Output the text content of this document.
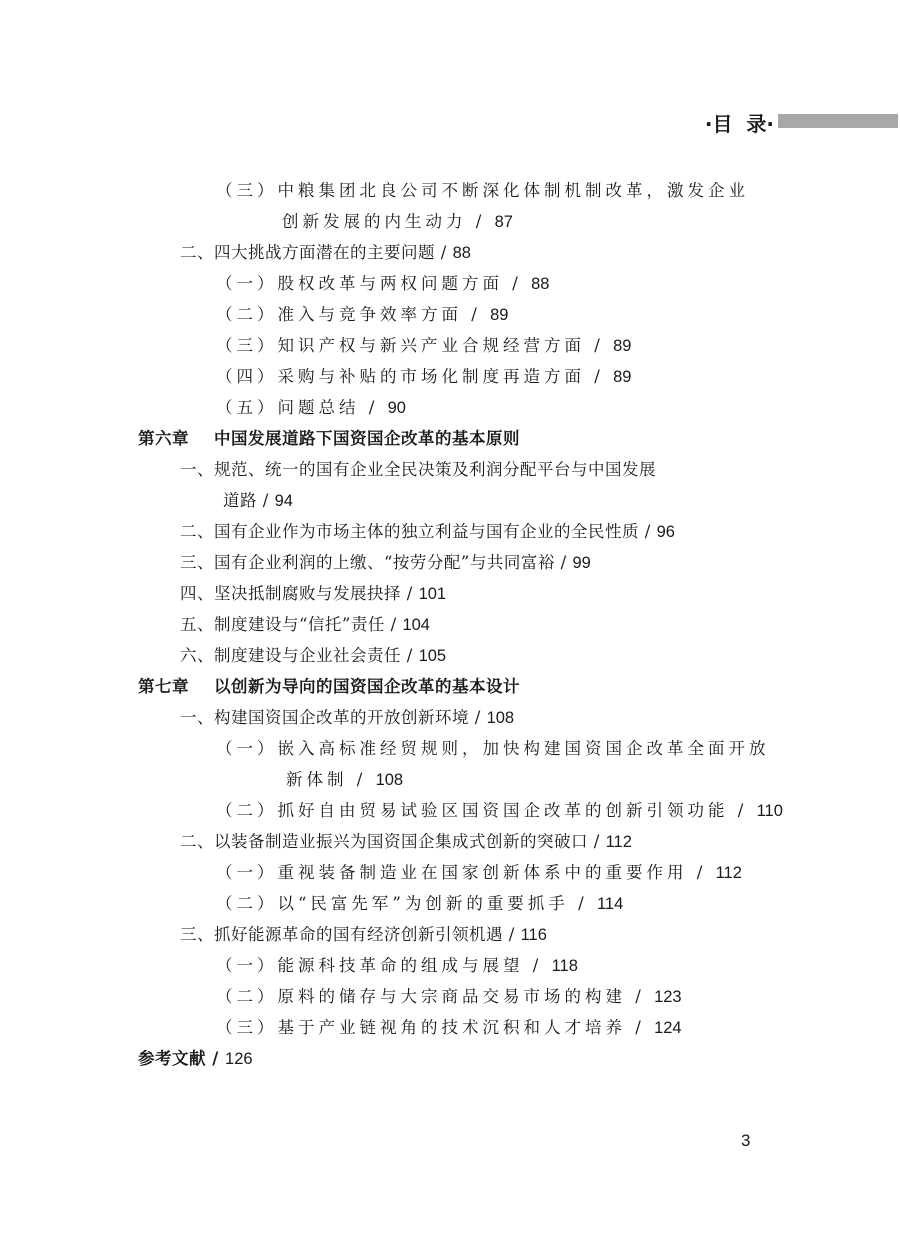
·目  录·
（三）中粮集团北良公司不断深化体制机制改革，激发企业
创新发展的内生动力 / 87
二、四大挑战方面潜在的主要问题 / 88
（一）股权改革与两权问题方面 / 88
（二）准入与竞争效率方面 / 89
（三）知识产权与新兴产业合规经营方面 / 89
（四）采购与补贴的市场化制度再造方面 / 89
（五）问题总结 / 90
第六章 中国发展道路下国资国企改革的基本原则
一、规范、统一的国有企业全民决策及利润分配平台与中国发展
道路 / 94
二、国有企业作为市场主体的独立利益与国有企业的全民性质 / 96
三、国有企业利润的上缴、“按劳分配”与共同富裕 / 99
四、坚决抵制腐败与发展抉择 / 101
五、制度建设与“信托”责任 / 104
六、制度建设与企业社会责任 / 105
第七章 以创新为导向的国资国企改革的基本设计
一、构建国资国企改革的开放创新环境 / 108
（一）嵌入高标准经贸规则，加快构建国资国企改革全面开放
新体制 / 108
（二）抓好自由贸易试验区国资国企改革的创新引领功能 / 110
二、以装备制造业振兴为国资国企集成式创新的突破口 / 112
（一）重视装备制造业在国家创新体系中的重要作用 / 112
（二）以“民富先军”为创新的重要抓手 / 114
三、抓好能源革命的国有经济创新引领机遇 / 116
（一）能源科技革命的组成与展望 / 118
（二）原料的储存与大宗商品交易市场的构建 / 123
（三）基于产业链视角的技术沉积和人才培养 / 124
参考文献 / 126
3
